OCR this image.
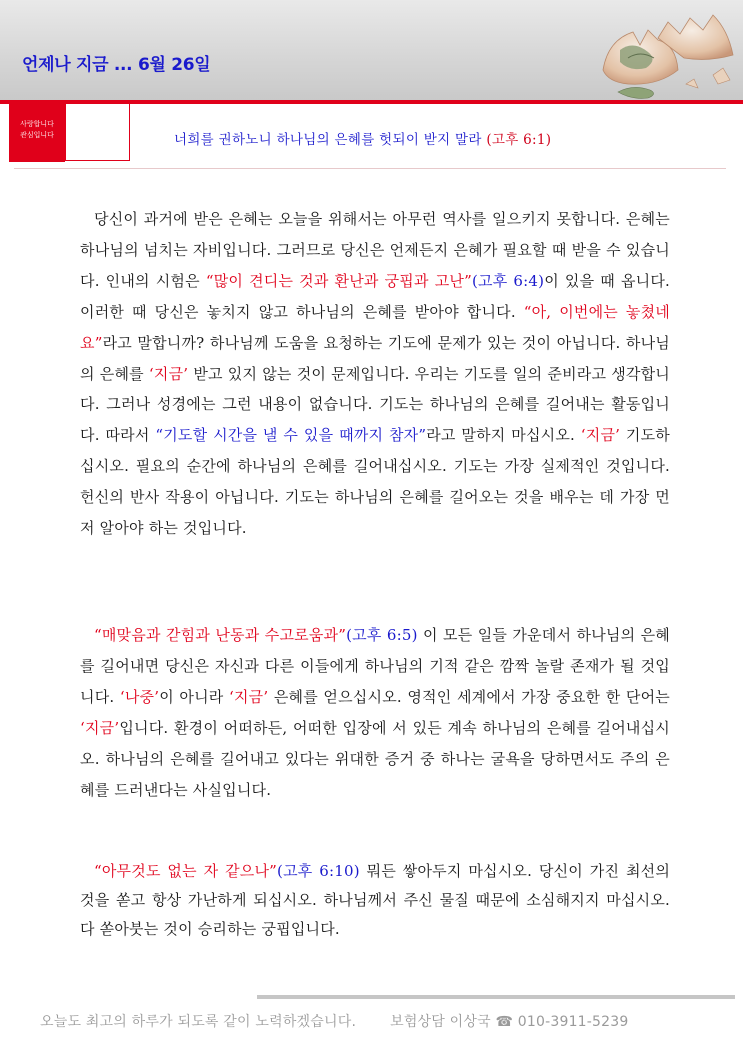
언제나 지금 ... 6월 26일
사랑합니다
관심입니다	너희를 권하노니 하나님의 은혜를 헛되이 받지 말라 (고후 6:1)

당신이 과거에 받은 은혜는 오늘을 위해서는 아무런 역사를 일으키지 못합니다. 은혜는 하나님의 넘치는 자비입니다. 그러므로 당신은 언제든지 은혜가 필요할 때 받을 수 있습니다. 인내의 시험은 “많이 견디는 것과 환난과 궁핍과 고난”(고후 6:4)이 있을 때 옵니다. 이러한 때 당신은 놓치지 않고 하나님의 은혜를 받아야 합니다. “아, 이번에는 놓쳤네요”라고 말합니까? 하나님께 도움을 요청하는 기도에 문제가 있는 것이 아닙니다. 하나님의 은혜를 ‘지금’ 받고 있지 않는 것이 문제입니다. 우리는 기도를 일의 준비라고 생각합니다. 그러나 성경에는 그런 내용이 없습니다. 기도는 하나님의 은혜를 길어내는 활동입니다. 따라서 “기도할 시간을 낼 수 있을 때까지 참자”라고 말하지 마십시오. ‘지금’ 기도하십시오. 필요의 순간에 하나님의 은혜를 길어내십시오. 기도는 가장 실제적인 것입니다. 헌신의 반사 작용이 아닙니다. 기도는 하나님의 은혜를 길어오는 것을 배우는 데 가장 먼저 알아야 하는 것입니다.

“매맞음과 갇힘과 난동과 수고로움과”(고후 6:5) 이 모든 일들 가운데서 하나님의 은혜를 길어내면 당신은 자신과 다른 이들에게 하나님의 기적 같은 깜짝 놀랄 존재가 될 것입니다. ‘나중’이 아니라 ‘지금’ 은혜를 얻으십시오. 영적인 세계에서 가장 중요한 한 단어는 ‘지금’입니다. 환경이 어떠하든, 어떠한 입장에 서 있든 계속 하나님의 은혜를 길어내십시오. 하나님의 은혜를 길어내고 있다는 위대한 증거 중 하나는 굴욕을 당하면서도 주의 은혜를 드러낸다는 사실입니다.

“아무것도 없는 자 같으나”(고후 6:10) 뭐든 쌓아두지 마십시오. 당신이 가진 최선의 것을 쏟고 항상 가난하게 되십시오. 하나님께서 주신 물질 때문에 소심해지지 마십시오. 다 쏟아붓는 것이 승리하는 궁핍입니다.

오늘도 최고의 하루가 되도록 같이 노력하겠습니다. 보험상담 이상국 ☎ 010-3911-5239
